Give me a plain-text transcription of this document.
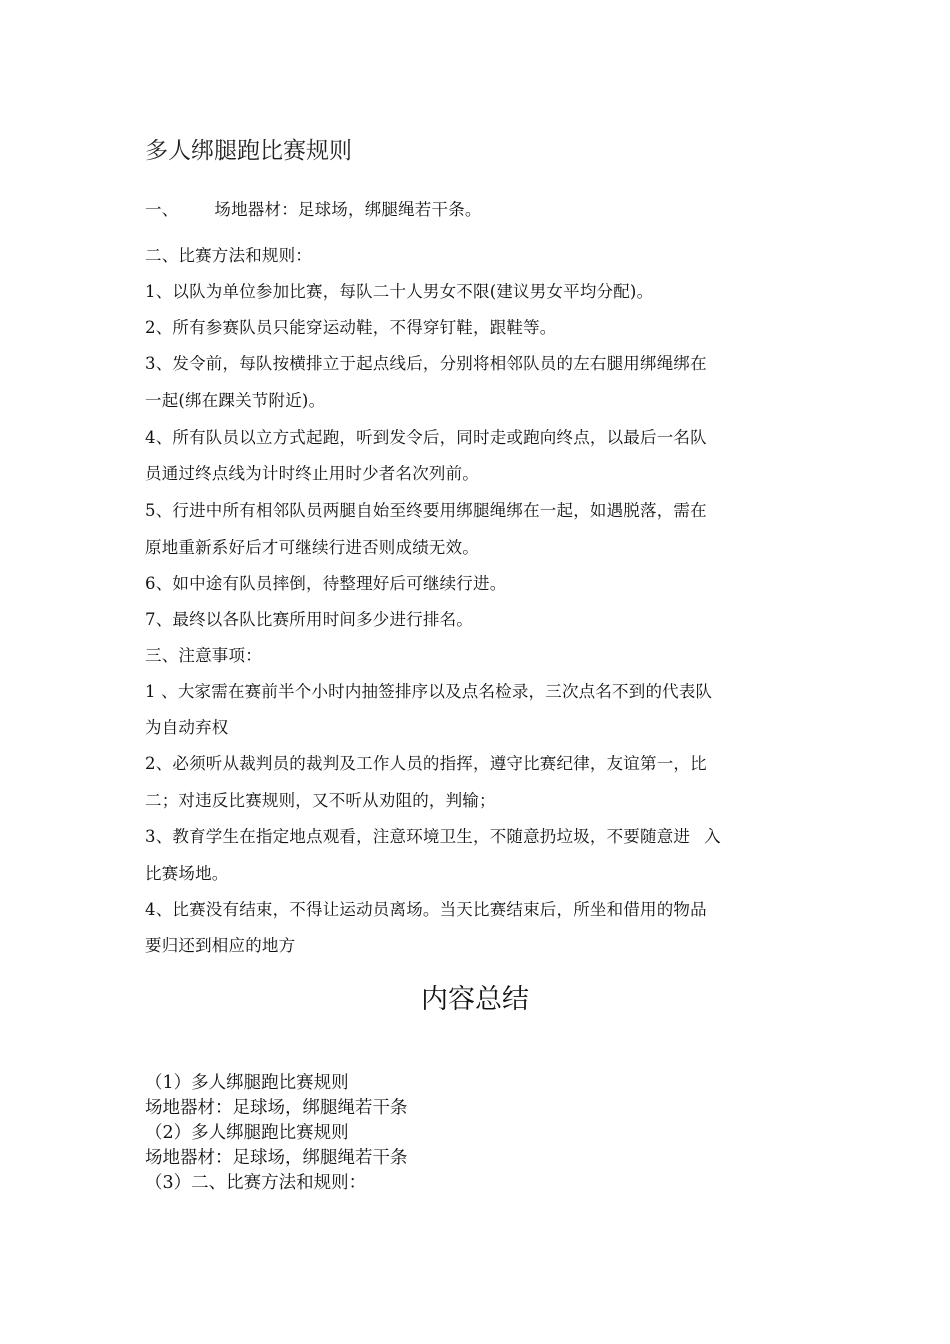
多人绑腿跑比赛规则
一、 场地器材：足球场，绑腿绳若干条。
二、比赛方法和规则：
1、以队为单位参加比赛，每队二十人男女不限(建议男女平均分配)。
2、所有参赛队员只能穿运动鞋，不得穿钉鞋，跟鞋等。
3、发令前，每队按横排立于起点线后，分别将相邻队员的左右腿用绑绳绑在
一起(绑在踝关节附近)。
4、所有队员以立方式起跑，听到发令后，同时走或跑向终点，以最后一名队
员通过终点线为计时终止用时少者名次列前。
5、行进中所有相邻队员两腿自始至终要用绑腿绳绑在一起，如遇脱落，需在
原地重新系好后才可继续行进否则成绩无效。
6、如中途有队员摔倒，待整理好后可继续行进。
7、最终以各队比赛所用时间多少进行排名。
三、注意事项：
1 、大家需在赛前半个小时内抽签排序以及点名检录，三次点名不到的代表队
为自动弃权
2、必须听从裁判员的裁判及工作人员的指挥，遵守比赛纪律，友谊第一，比
二；对违反比赛规则，又不听从劝阻的，判输；
3、教育学生在指定地点观看，注意环境卫生，不随意扔垃圾，不要随意进 入
比赛场地。
4、比赛没有结束，不得让运动员离场。当天比赛结束后，所坐和借用的物品
要归还到相应的地方
内容总结
（1）多人绑腿跑比赛规则
场地器材：足球场，绑腿绳若干条
（2）多人绑腿跑比赛规则
场地器材：足球场，绑腿绳若干条
（3）二、比赛方法和规则：
